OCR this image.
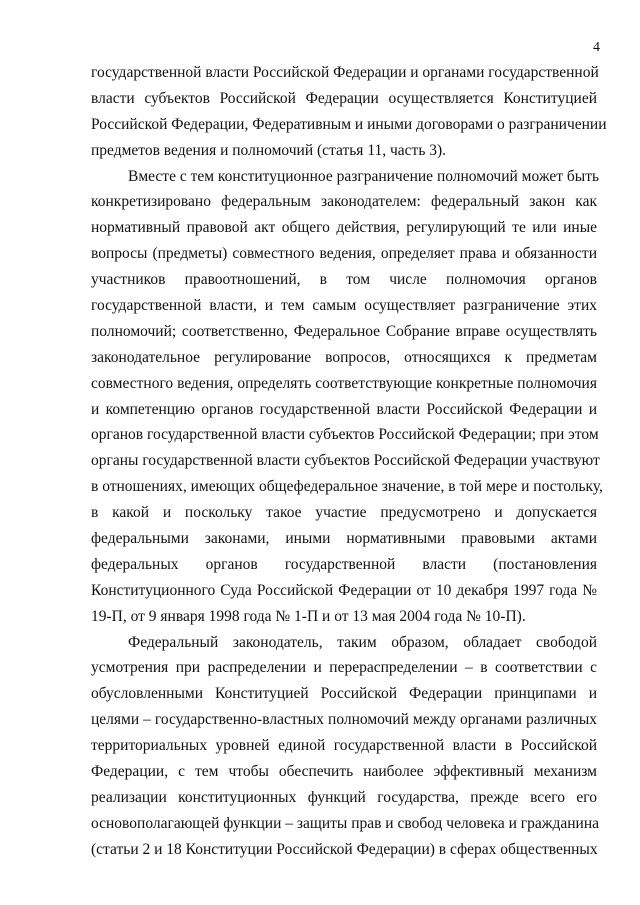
4
государственной власти Российской Федерации и органами государственной
власти субъектов Российской Федерации осуществляется Конституцией
Российской Федерации, Федеративным и иными договорами о разграничении
предметов ведения и полномочий (статья 11, часть 3).
Вместе с тем конституционное разграничение полномочий может быть
конкретизировано федеральным законодателем: федеральный закон как
нормативный правовой акт общего действия, регулирующий те или иные
вопросы (предметы) совместного ведения, определяет права и обязанности
участников правоотношений, в том числе полномочия органов
государственной власти, и тем самым осуществляет разграничение этих
полномочий; соответственно, Федеральное Собрание вправе осуществлять
законодательное регулирование вопросов, относящихся к предметам
совместного ведения, определять соответствующие конкретные полномочия
и компетенцию органов государственной власти Российской Федерации и
органов государственной власти субъектов Российской Федерации; при этом
органы государственной власти субъектов Российской Федерации участвуют
в отношениях, имеющих общефедеральное значение, в той мере и постольку,
в какой и поскольку такое участие предусмотрено и допускается
федеральными законами, иными нормативными правовыми актами
федеральных органов государственной власти (постановления
Конституционного Суда Российской Федерации от 10 декабря 1997 года №
19-П, от 9 января 1998 года № 1-П и от 13 мая 2004 года № 10-П).
Федеральный законодатель, таким образом, обладает свободой
усмотрения при распределении и перераспределении – в соответствии с
обусловленными Конституцией Российской Федерации принципами и
целями – государственно-властных полномочий между органами различных
территориальных уровней единой государственной власти в Российской
Федерации, с тем чтобы обеспечить наиболее эффективный механизм
реализации конституционных функций государства, прежде всего его
основополагающей функции – защиты прав и свобод человека и гражданина
(статьи 2 и 18 Конституции Российской Федерации) в сферах общественных
